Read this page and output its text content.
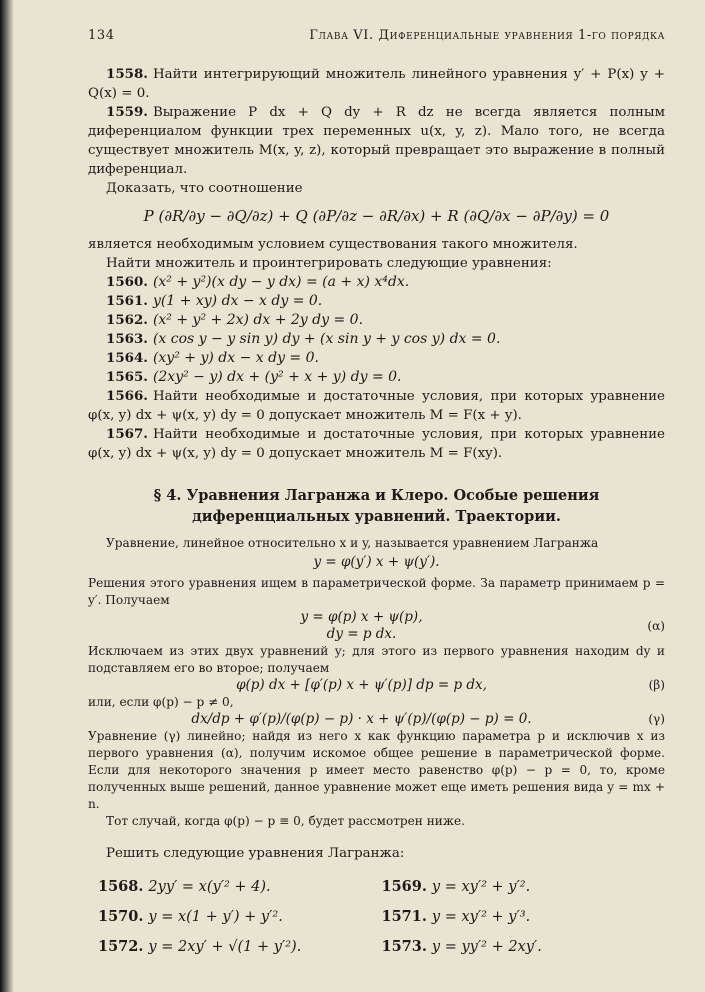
134	Глава VI. Диференциальные уравнения 1-го порядка

1558. Найти интегрирующий множитель линейного уравнения y′ + P(x) y + Q(x) = 0.

1559. Выражение P dx + Q dy + R dz не всегда является полным диференциалом функции трех переменных u(x, y, z). Мало того, не всегда существует множитель M(x, y, z), который превращает это выражение в полный диференциал.

Доказать, что соотношение

P (∂R/∂y − ∂Q/∂z) + Q (∂P/∂z − ∂R/∂x) + R (∂Q/∂x − ∂P/∂y) = 0

является необходимым условием существования такого множителя.

Найти множитель и проинтегрировать следующие уравнения:

1560. (x² + y²)(x dy − y dx) = (a + x) x⁴dx.
1561. y(1 + xy) dx − x dy = 0.
1562. (x² + y² + 2x) dx + 2y dy = 0.
1563. (x cos y − y sin y) dy + (x sin y + y cos y) dx = 0.
1564. (xy² + y) dx − x dy = 0.
1565. (2xy² − y) dx + (y² + x + y) dy = 0.

1566. Найти необходимые и достаточные условия, при которых уравнение φ(x, y) dx + ψ(x, y) dy = 0 допускает множитель M = F(x + y).

1567. Найти необходимые и достаточные условия, при которых уравнение φ(x, y) dx + ψ(x, y) dy = 0 допускает множитель M = F(xy).

§ 4. Уравнения Лагранжа и Клеро. Особые решения диференциальных уравнений. Траектории.

Уравнение, линейное относительно x и y, называется уравнением Лагранжа

y = φ(y′) x + ψ(y′).

Решения этого уравнения ищем в параметрической форме. За параметр принимаем p = y′. Получаем

y = φ(p) x + ψ(p),
dy = p dx.
(α)

Исключаем из этих двух уравнений y; для этого из первого уравнения находим dy и подставляем его во второе; получаем

φ(p) dx + [φ′(p) x + ψ′(p)] dp = p dx,	(β)

или, если φ(p) − p ≠ 0,

dx/dp + φ′(p)/(φ(p) − p) · x + ψ′(p)/(φ(p) − p) = 0.	(γ)

Уравнение (γ) линейно; найдя из него x как функцию параметра p и исключив x из первого уравнения (α), получим искомое общее решение в параметрической форме. Если для некоторого значения p имеет место равенство φ(p) − p = 0, то, кроме полученных выше решений, данное уравнение может еще иметь решения вида y = mx + n.

Тот случай, когда φ(p) − p ≡ 0, будет рассмотрен ниже.

Решить следующие уравнения Лагранжа:

1568. 2yy′ = x(y′² + 4).	1569. y = xy′² + y′².
1570. y = x(1 + y′) + y′².	1571. y = xy′² + y′³.
1572. y = 2xy′ + √(1 + y′²).	1573. y = yy′² + 2xy′.
